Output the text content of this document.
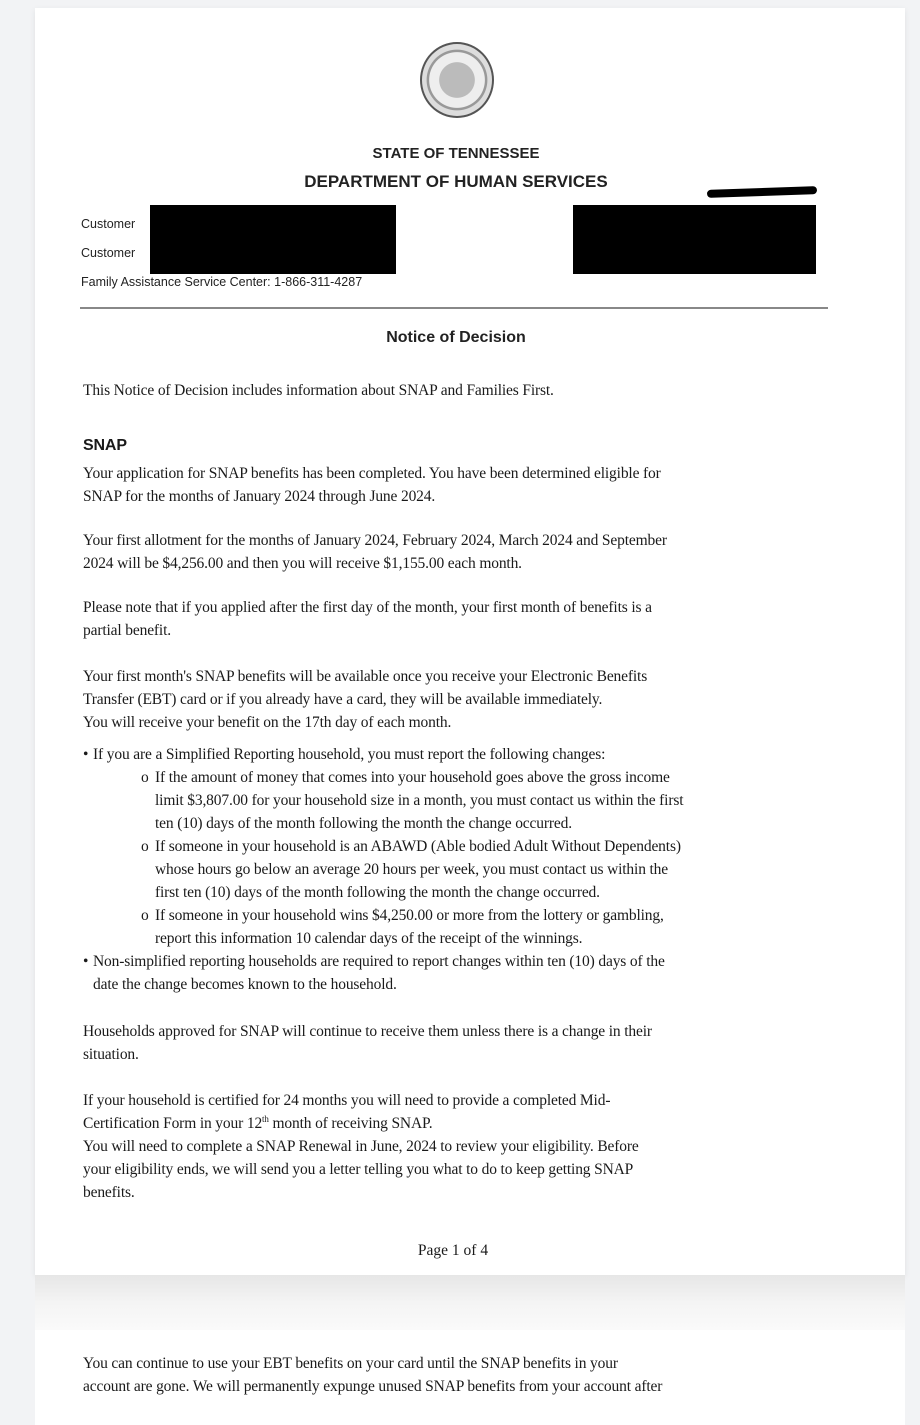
STATE OF TENNESSEE
DEPARTMENT OF HUMAN SERVICES
Customer
Customer
Family Assistance Service Center: 1-866-311-4287
Notice of Decision
This Notice of Decision includes information about SNAP and Families First.
SNAP
Your application for SNAP benefits has been completed. You have been determined eligible for
SNAP for the months of January 2024 through June 2024.
Your first allotment for the months of January 2024, February 2024, March 2024 and September
2024 will be $4,256.00 and then you will receive $1,155.00 each month.
Please note that if you applied after the first day of the month, your first month of benefits is a
partial benefit.
Your first month's SNAP benefits will be available once you receive your Electronic Benefits
Transfer (EBT) card or if you already have a card, they will be available immediately.
You will receive your benefit on the 17th day of each month.
• If you are a Simplified Reporting household, you must report the following changes:
o If the amount of money that comes into your household goes above the gross income
limit $3,807.00 for your household size in a month, you must contact us within the first
ten (10) days of the month following the month the change occurred.
o If someone in your household is an ABAWD (Able bodied Adult Without Dependents)
whose hours go below an average 20 hours per week, you must contact us within the
first ten (10) days of the month following the month the change occurred.
o If someone in your household wins $4,250.00 or more from the lottery or gambling,
report this information 10 calendar days of the receipt of the winnings.
• Non-simplified reporting households are required to report changes within ten (10) days of the
date the change becomes known to the household.
Households approved for SNAP will continue to receive them unless there is a change in their
situation.
If your household is certified for 24 months you will need to provide a completed Mid-
Certification Form in your 12th month of receiving SNAP.
You will need to complete a SNAP Renewal in June, 2024 to review your eligibility. Before
your eligibility ends, we will send you a letter telling you what to do to keep getting SNAP
benefits.
Page 1 of 4
You can continue to use your EBT benefits on your card until the SNAP benefits in your
account are gone. We will permanently expunge unused SNAP benefits from your account after
